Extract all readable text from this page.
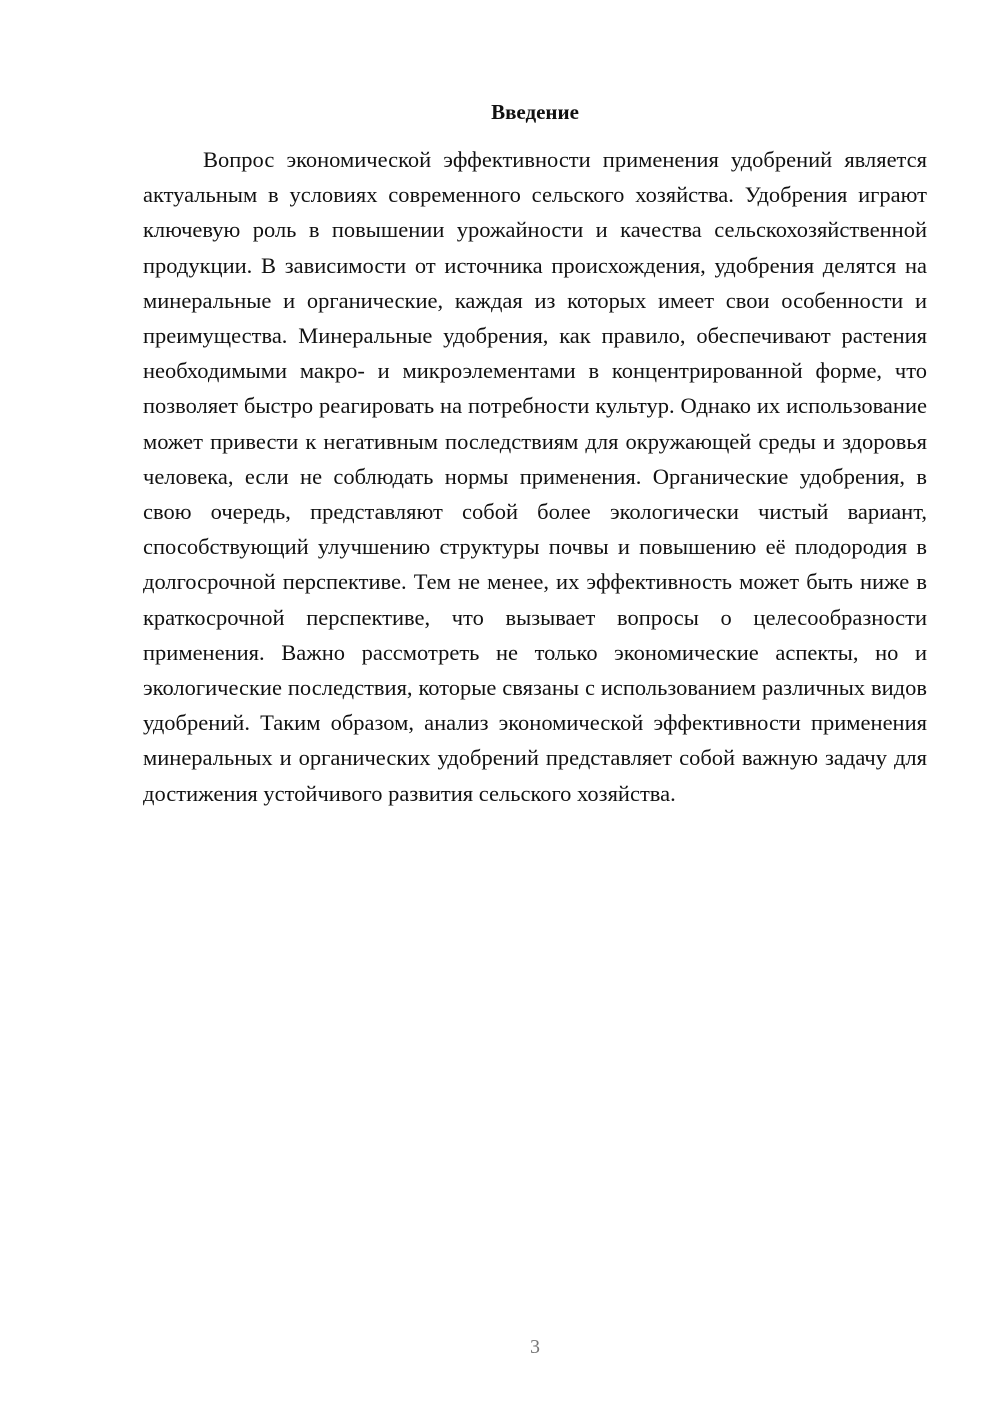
Введение

Вопрос экономической эффективности применения удобрений является актуальным в условиях современного сельского хозяйства. Удобрения играют ключевую роль в повышении урожайности и качества сельскохозяйственной продукции. В зависимости от источника происхождения, удобрения делятся на минеральные и органические, каждая из которых имеет свои особенности и преимущества. Минеральные удобрения, как правило, обеспечивают растения необходимыми макро- и микроэлементами в концентрированной форме, что позволяет быстро реагировать на потребности культур. Однако их использование может привести к негативным последствиям для окружающей среды и здоровья человека, если не соблюдать нормы применения. Органические удобрения, в свою очередь, представляют собой более экологически чистый вариант, способствующий улучшению структуры почвы и повышению её плодородия в долгосрочной перспективе. Тем не менее, их эффективность может быть ниже в краткосрочной перспективе, что вызывает вопросы о целесообразности применения. Важно рассмотреть не только экономические аспекты, но и экологические последствия, которые связаны с использованием различных видов удобрений. Таким образом, анализ экономической эффективности применения минеральных и органических удобрений представляет собой важную задачу для достижения устойчивого развития сельского хозяйства.

3
